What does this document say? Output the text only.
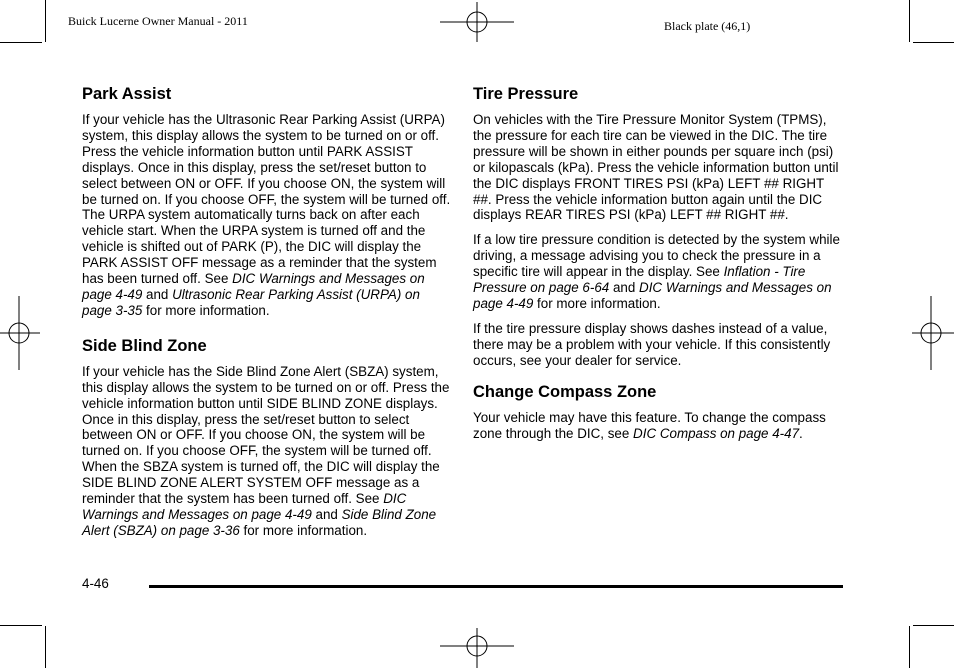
Buick Lucerne Owner Manual - 2011	Black plate (46,1)
Park Assist
If your vehicle has the Ultrasonic Rear Parking Assist (URPA) system, this display allows the system to be turned on or off. Press the vehicle information button until PARK ASSIST displays. Once in this display, press the set/reset button to select between ON or OFF. If you choose ON, the system will be turned on. If you choose OFF, the system will be turned off. The URPA system automatically turns back on after each vehicle start. When the URPA system is turned off and the vehicle is shifted out of PARK (P), the DIC will display the PARK ASSIST OFF message as a reminder that the system has been turned off. See DIC Warnings and Messages on page 4-49 and Ultrasonic Rear Parking Assist (URPA) on page 3-35 for more information.
Side Blind Zone
If your vehicle has the Side Blind Zone Alert (SBZA) system, this display allows the system to be turned on or off. Press the vehicle information button until SIDE BLIND ZONE displays. Once in this display, press the set/reset button to select between ON or OFF. If you choose ON, the system will be turned on. If you choose OFF, the system will be turned off. When the SBZA system is turned off, the DIC will display the SIDE BLIND ZONE ALERT SYSTEM OFF message as a reminder that the system has been turned off. See DIC Warnings and Messages on page 4-49 and Side Blind Zone Alert (SBZA) on page 3-36 for more information.
Tire Pressure
On vehicles with the Tire Pressure Monitor System (TPMS), the pressure for each tire can be viewed in the DIC. The tire pressure will be shown in either pounds per square inch (psi) or kilopascals (kPa). Press the vehicle information button until the DIC displays FRONT TIRES PSI (kPa) LEFT ## RIGHT ##. Press the vehicle information button again until the DIC displays REAR TIRES PSI (kPa) LEFT ## RIGHT ##.
If a low tire pressure condition is detected by the system while driving, a message advising you to check the pressure in a specific tire will appear in the display. See Inflation - Tire Pressure on page 6-64 and DIC Warnings and Messages on page 4-49 for more information.
If the tire pressure display shows dashes instead of a value, there may be a problem with your vehicle. If this consistently occurs, see your dealer for service.
Change Compass Zone
Your vehicle may have this feature. To change the compass zone through the DIC, see DIC Compass on page 4-47.
4-46
